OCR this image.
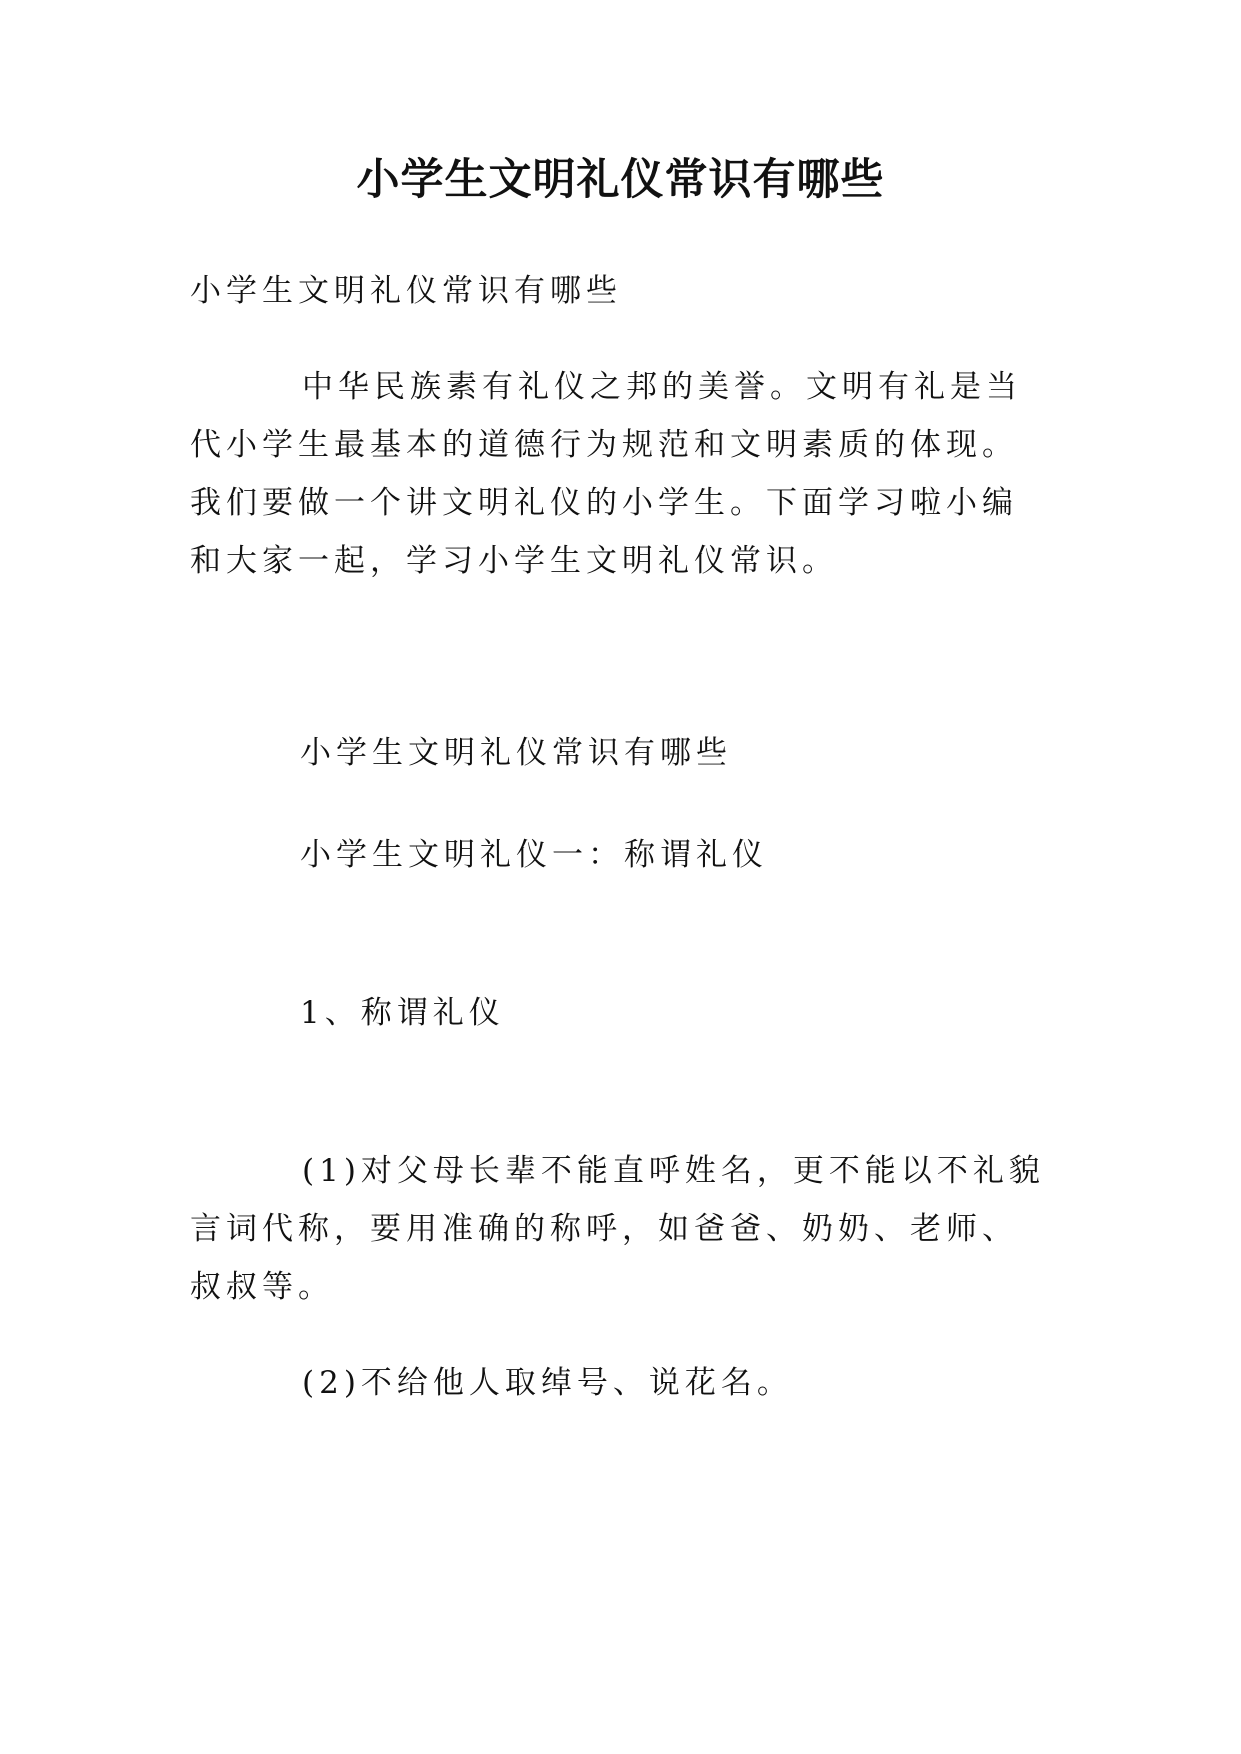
小学生文明礼仪常识有哪些

小学生文明礼仪常识有哪些

中华民族素有礼仪之邦的美誉。文明有礼是当代小学生最基本的道德行为规范和文明素质的体现。我们要做一个讲文明礼仪的小学生。下面学习啦小编和大家一起，学习小学生文明礼仪常识。

小学生文明礼仪常识有哪些

小学生文明礼仪一：称谓礼仪

1、称谓礼仪

(1)对父母长辈不能直呼姓名，更不能以不礼貌言词代称，要用准确的称呼，如爸爸、奶奶、老师、叔叔等。

(2)不给他人取绰号、说花名。
